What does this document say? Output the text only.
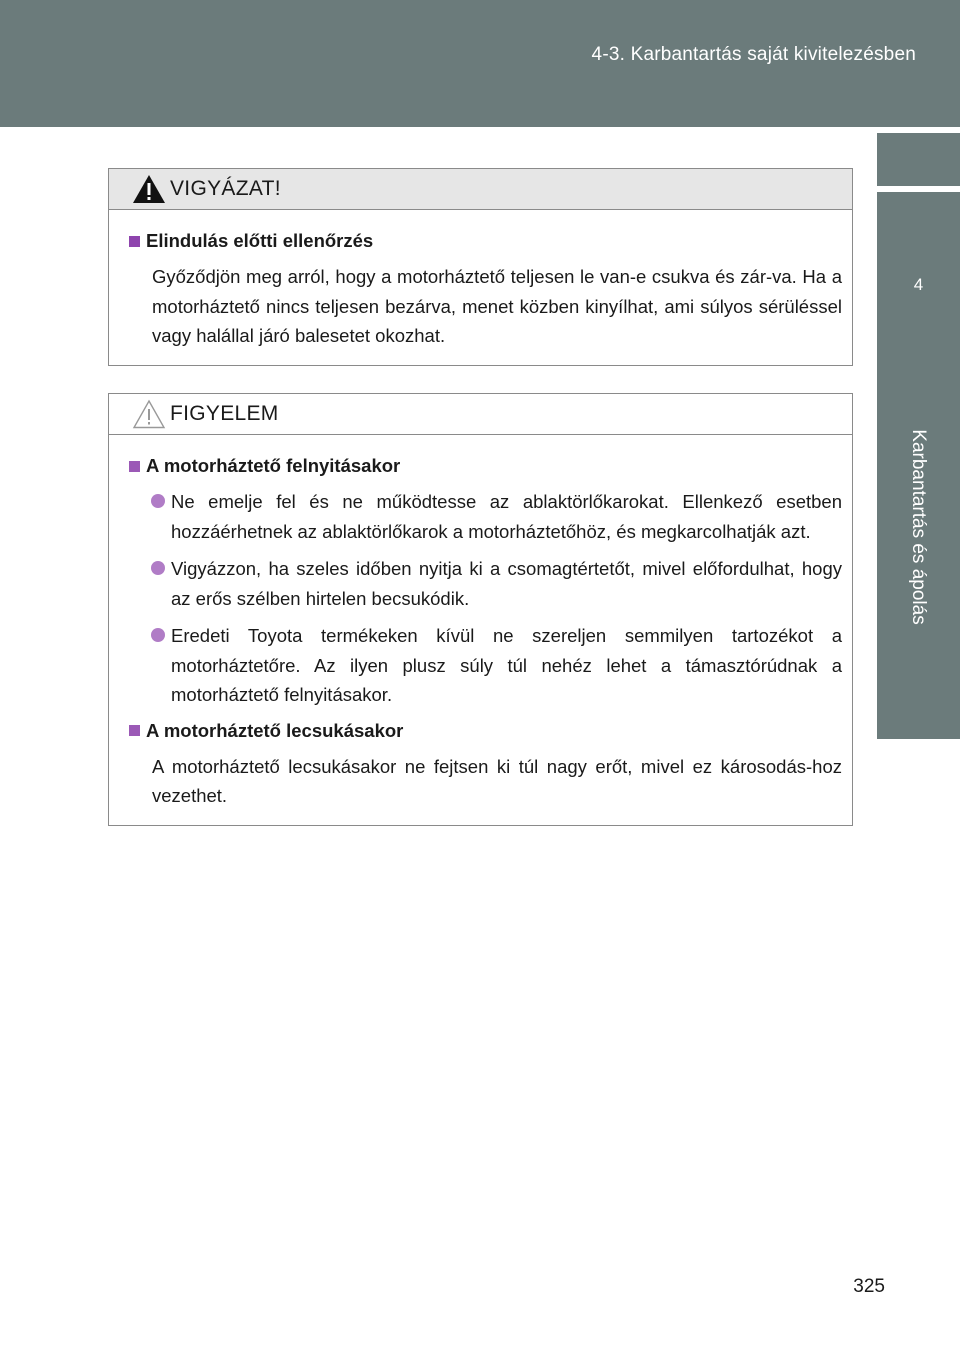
4-3. Karbantartás saját kivitelezésben
4
Karbantartás és ápolás
VIGYÁZAT!
Elindulás előtti ellenőrzés

Győződjön meg arról, hogy a motorháztető teljesen le van-e csukva és zár-va. Ha a motorháztető nincs teljesen bezárva, menet közben kinyílhat, ami súlyos sérüléssel vagy halállal járó balesetet okozhat.

FIGYELEM
A motorháztető felnyitásakor
Ne emelje fel és ne működtesse az ablaktörlőkarokat. Ellenkező esetben hozzáérhetnek az ablaktörlőkarok a motorháztetőhöz, és megkarcolhatják azt.
Vigyázzon, ha szeles időben nyitja ki a csomagtértetőt, mivel előfordulhat, hogy az erős szélben hirtelen becsukódik.
Eredeti Toyota termékeken kívül ne szereljen semmilyen tartozékot a motorháztetőre. Az ilyen plusz súly túl nehéz lehet a támasztórúdnak a motorháztető felnyitásakor.
A motorháztető lecsukásakor

A motorháztető lecsukásakor ne fejtsen ki túl nagy erőt, mivel ez károsodás-hoz vezethet.

325
